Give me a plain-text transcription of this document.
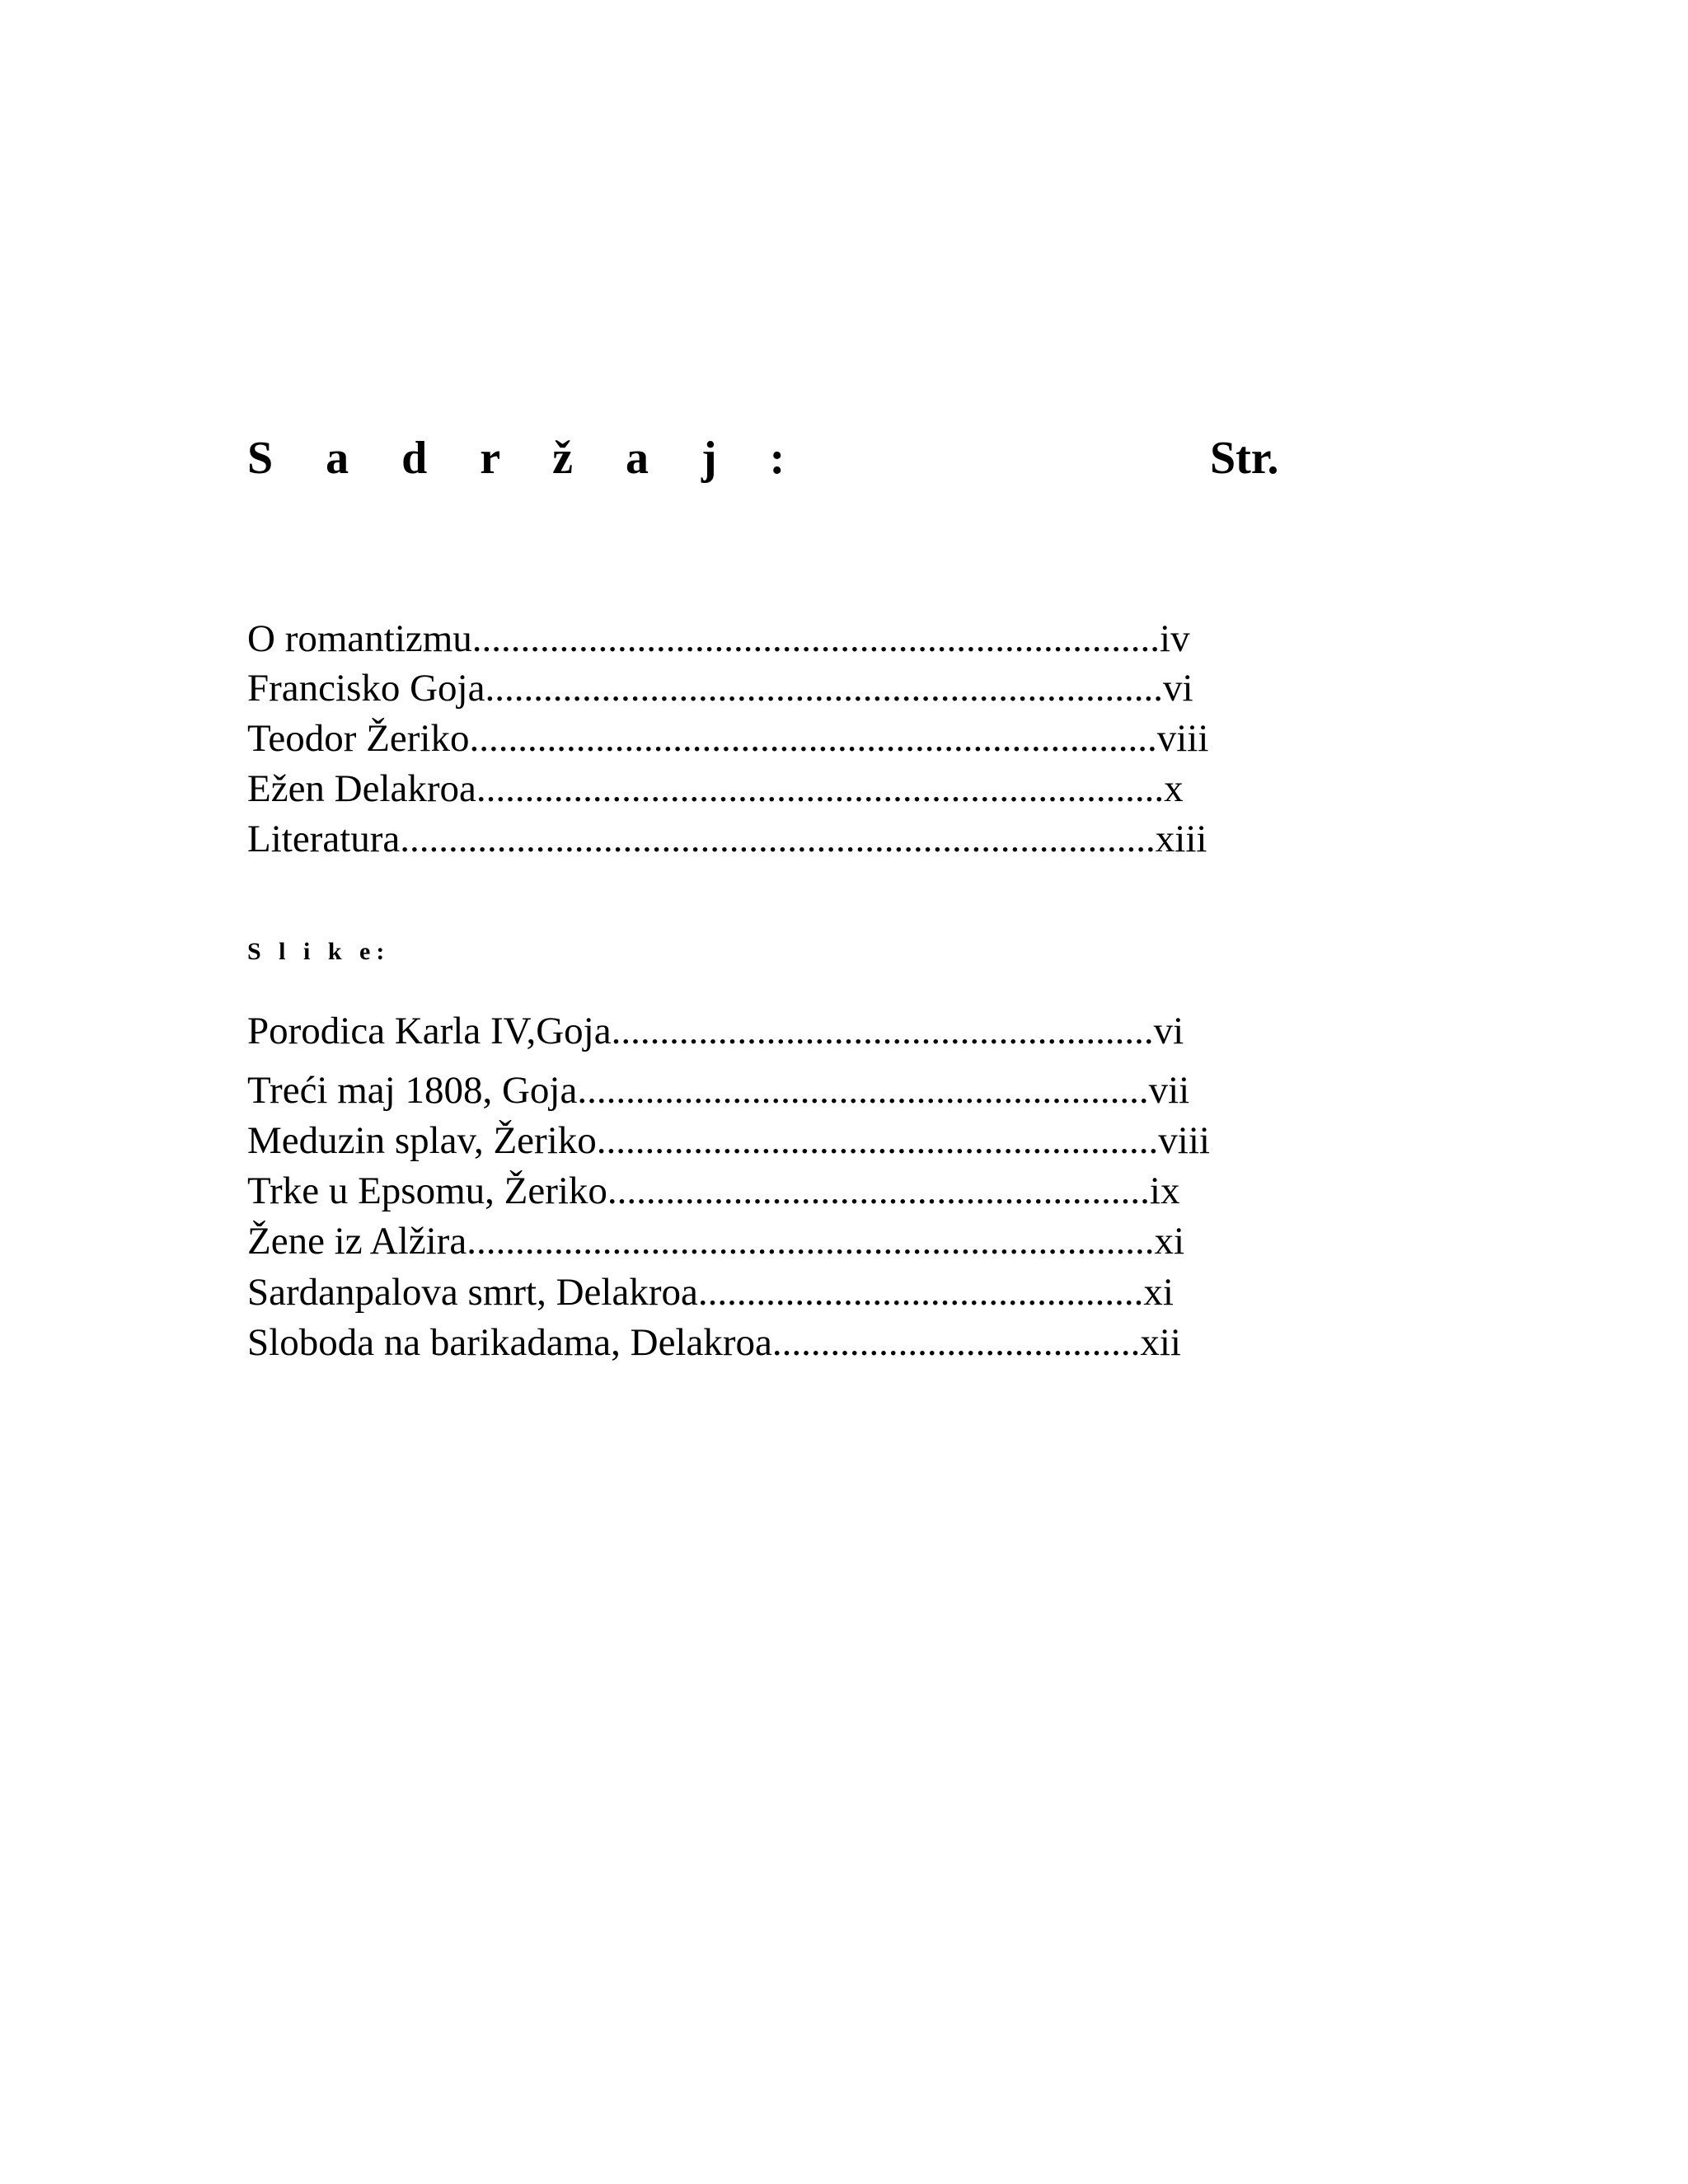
S a d r ž a j :	Str.
O romantizmu.......................................................................iv
Francisko Goja......................................................................vi
Teodor Žeriko.......................................................................viii
Ežen Delakroa.......................................................................x
Literatura..............................................................................xiii
S l i k e:
Porodica Karla IV,Goja........................................................vi
Treći maj 1808, Goja...........................................................vii
Meduzin splav, Žeriko..........................................................viii
Trke u Epsomu, Žeriko........................................................ix
Žene iz Alžira.......................................................................xi
Sardanpalova smrt, Delakroa..............................................xi
Sloboda na barikadama, Delakroa......................................xii
